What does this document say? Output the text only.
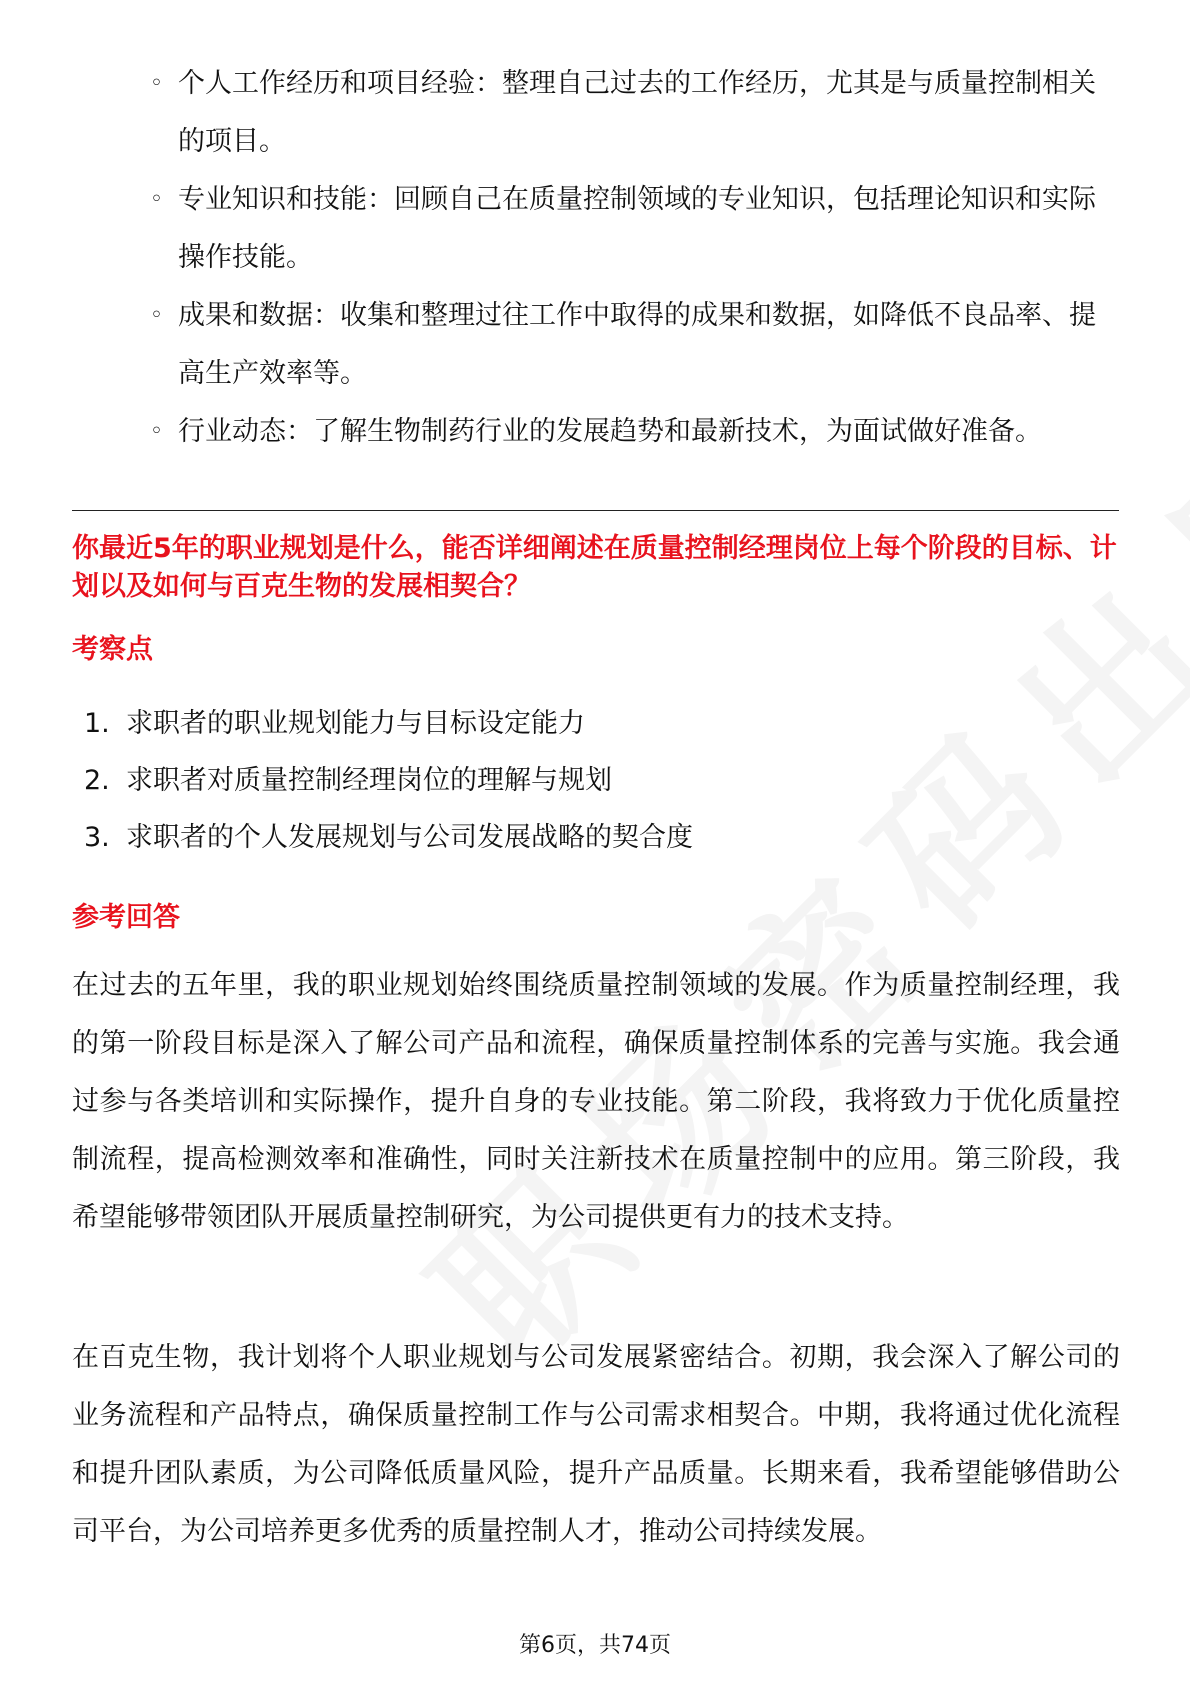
◦ 个人工作经历和项目经验：整理自己过去的工作经历，尤其是与质量控制相关的项目。
◦ 专业知识和技能：回顾自己在质量控制领域的专业知识，包括理论知识和实际操作技能。
◦ 成果和数据：收集和整理过往工作中取得的成果和数据，如降低不良品率、提高生产效率等。
◦ 行业动态：了解生物制药行业的发展趋势和最新技术，为面试做好准备。
你最近5年的职业规划是什么，能否详细阐述在质量控制经理岗位上每个阶段的目标、计划以及如何与百克生物的发展相契合？
考察点
1. 求职者的职业规划能力与目标设定能力
2. 求职者对质量控制经理岗位的理解与规划
3. 求职者的个人发展规划与公司发展战略的契合度
参考回答

在过去的五年里，我的职业规划始终围绕质量控制领域的发展。作为质量控制经理，我的第一阶段目标是深入了解公司产品和流程，确保质量控制体系的完善与实施。我会通过参与各类培训和实际操作，提升自身的专业技能。第二阶段，我将致力于优化质量控制流程，提高检测效率和准确性，同时关注新技术在质量控制中的应用。第三阶段，我希望能够带领团队开展质量控制研究，为公司提供更有力的技术支持。

在百克生物，我计划将个人职业规划与公司发展紧密结合。初期，我会深入了解公司的业务流程和产品特点，确保质量控制工作与公司需求相契合。中期，我将通过优化流程和提升团队素质，为公司降低质量风险，提升产品质量。长期来看，我希望能够借助公司平台，为公司培养更多优秀的质量控制人才，推动公司持续发展。

第6页，共74页
